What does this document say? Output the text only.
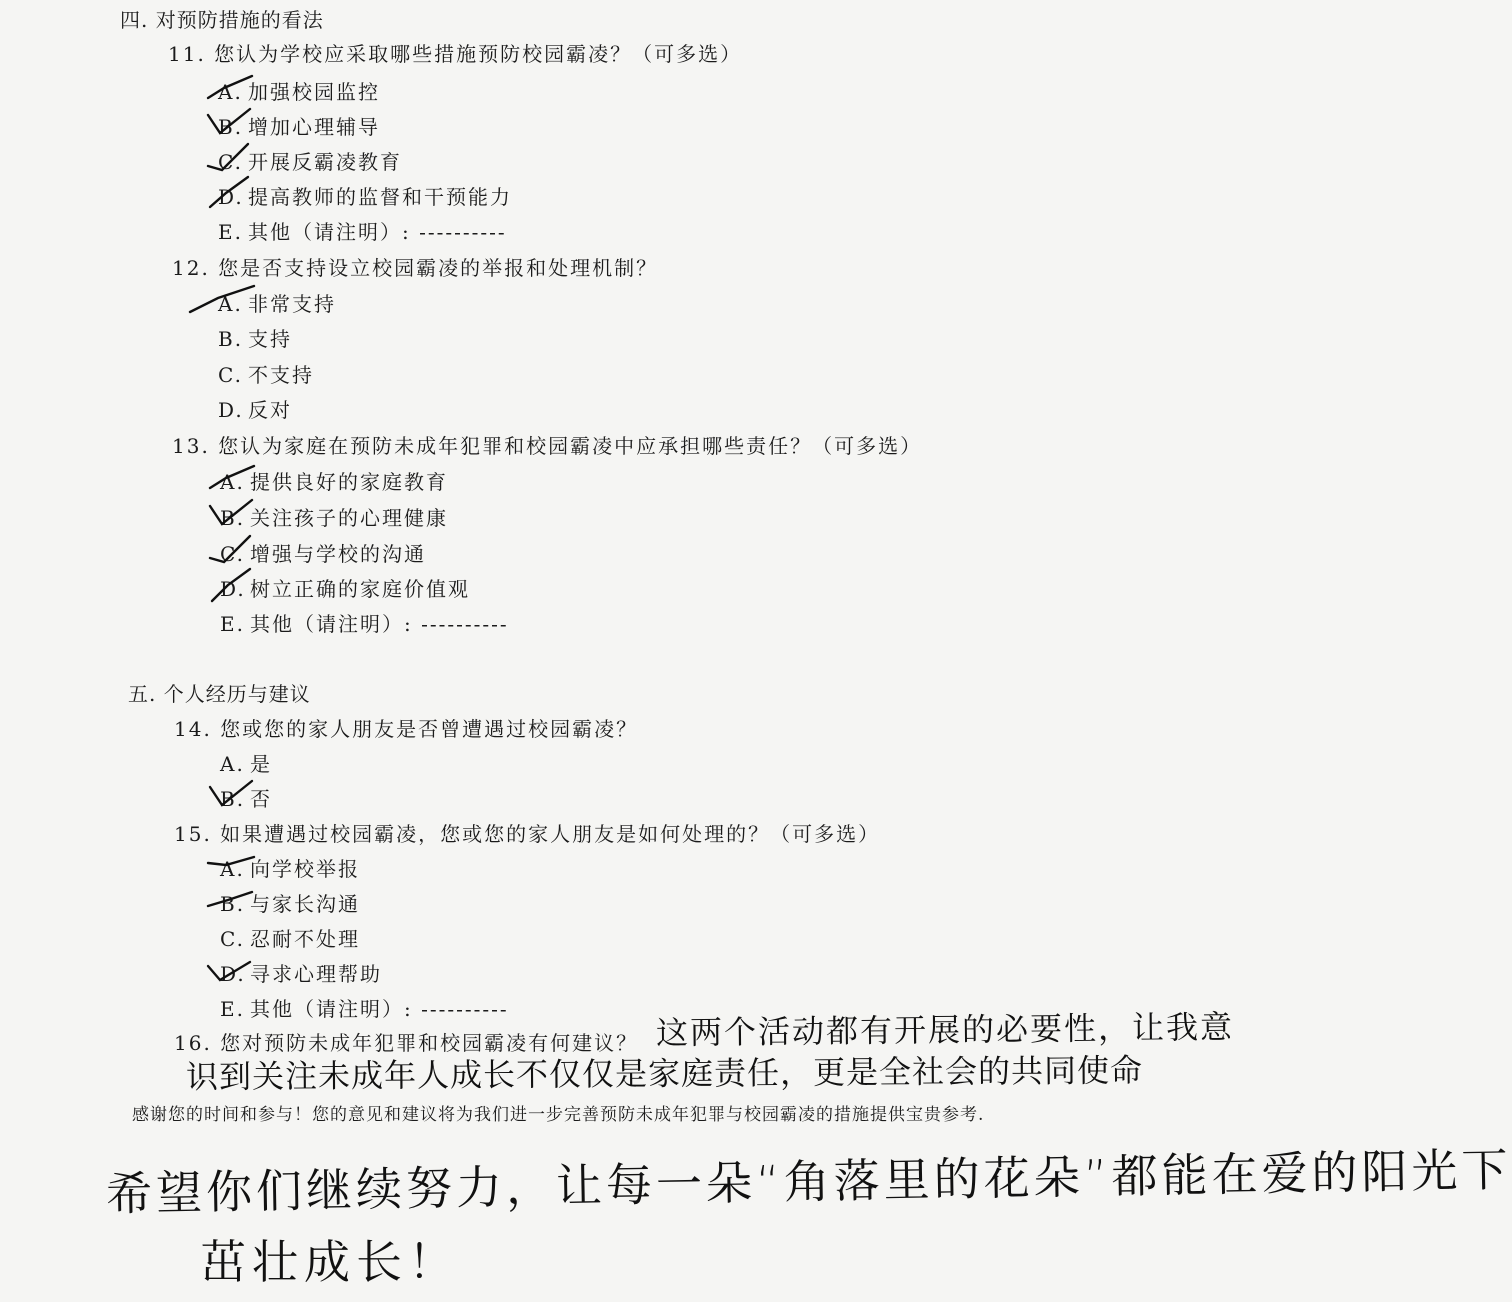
四. 对预防措施的看法
11. 您认为学校应采取哪些措施预防校园霸凌？（可多选）
A. 加强校园监控
B. 增加心理辅导
C. 开展反霸凌教育
D. 提高教师的监督和干预能力
E. 其他（请注明）: ----------
12. 您是否支持设立校园霸凌的举报和处理机制？
A. 非常支持
B. 支持
C. 不支持
D. 反对
13. 您认为家庭在预防未成年犯罪和校园霸凌中应承担哪些责任？（可多选）
A. 提供良好的家庭教育
B. 关注孩子的心理健康
C. 增强与学校的沟通
D. 树立正确的家庭价值观
E. 其他（请注明）: ----------
五. 个人经历与建议
14. 您或您的家人朋友是否曾遭遇过校园霸凌？
A. 是
B. 否
15. 如果遭遇过校园霸凌，您或您的家人朋友是如何处理的？（可多选）
A. 向学校举报
B. 与家长沟通
C. 忍耐不处理
D. 寻求心理帮助
E. 其他（请注明）: ----------
16. 您对预防未成年犯罪和校园霸凌有何建议？ 这两个活动都有开展的必要性，让我意
识到关注未成年人成长不仅仅是家庭责任，更是全社会的共同使命
感谢您的时间和参与！您的意见和建议将为我们进一步完善预防未成年犯罪与校园霸凌的措施提供宝贵参考.
希望你们继续努力，让每一朵“角落里的花朵”都能在爱的阳光下
茁壮成长！
